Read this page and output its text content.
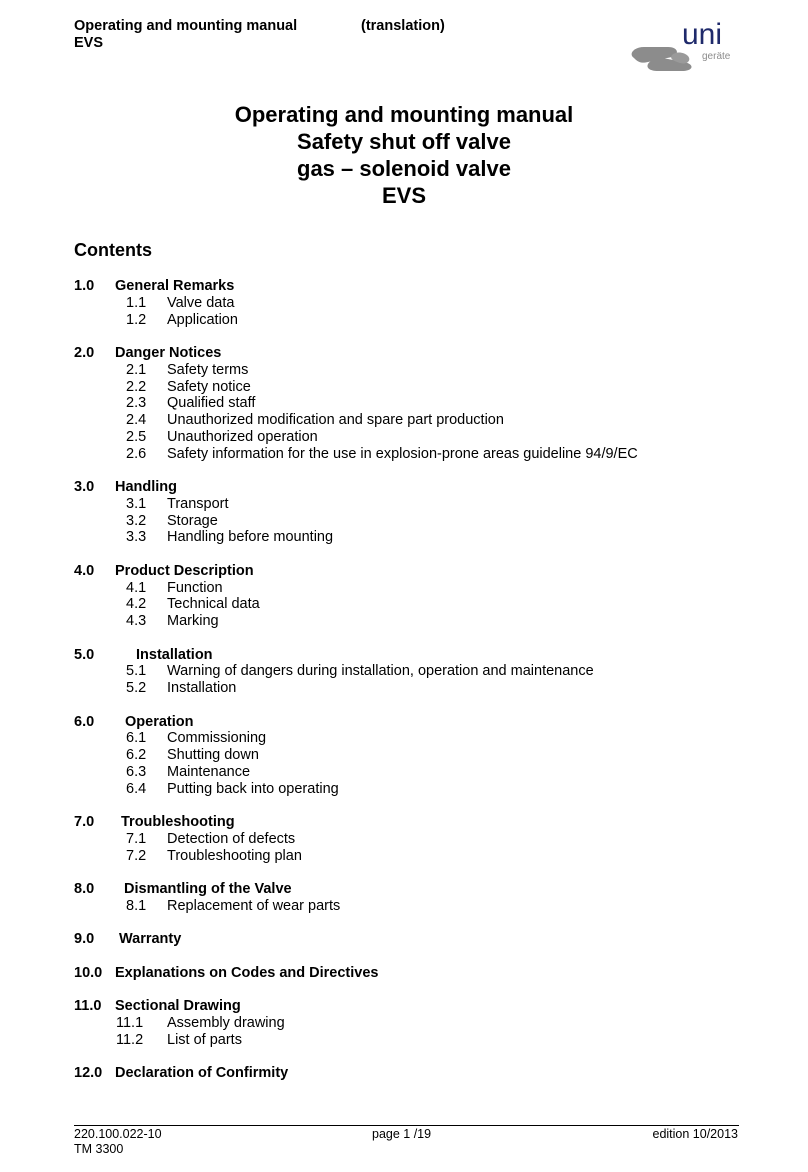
Operating and mounting manual	(translation)
EVS	uni
geräte
Operating and mounting manual
Safety shut off valve
gas – solenoid valve
EVS
Contents
1.0 General Remarks
1.1 Valve data
1.2 Application
2.0 Danger Notices
2.1 Safety terms
2.2 Safety notice
2.3 Qualified staff
2.4 Unauthorized modification and spare part production
2.5 Unauthorized operation
2.6 Safety information for the use in explosion-prone areas guideline 94/9/EC
3.0 Handling
3.1 Transport
3.2 Storage
3.3 Handling before mounting
4.0 Product Description
4.1 Function
4.2 Technical data
4.3 Marking
5.0	Installation
5.1 Warning of dangers during installation, operation and maintenance
5.2 Installation
6.0 Operation
6.1 Commissioning
6.2 Shutting down
6.3 Maintenance
6.4 Putting back into operating
7.0 Troubleshooting
7.1 Detection of defects
7.2 Troubleshooting plan
8.0 Dismantling of the Valve
8.1 Replacement of wear parts
9.0 Warranty
10.0 Explanations on Codes and Directives
11.0 Sectional Drawing
11.1 Assembly drawing
11.2 List of parts
12.0 Declaration of Confirmity
220.100.022-10
TM 3300
page 1 /19	edition 10/2013
